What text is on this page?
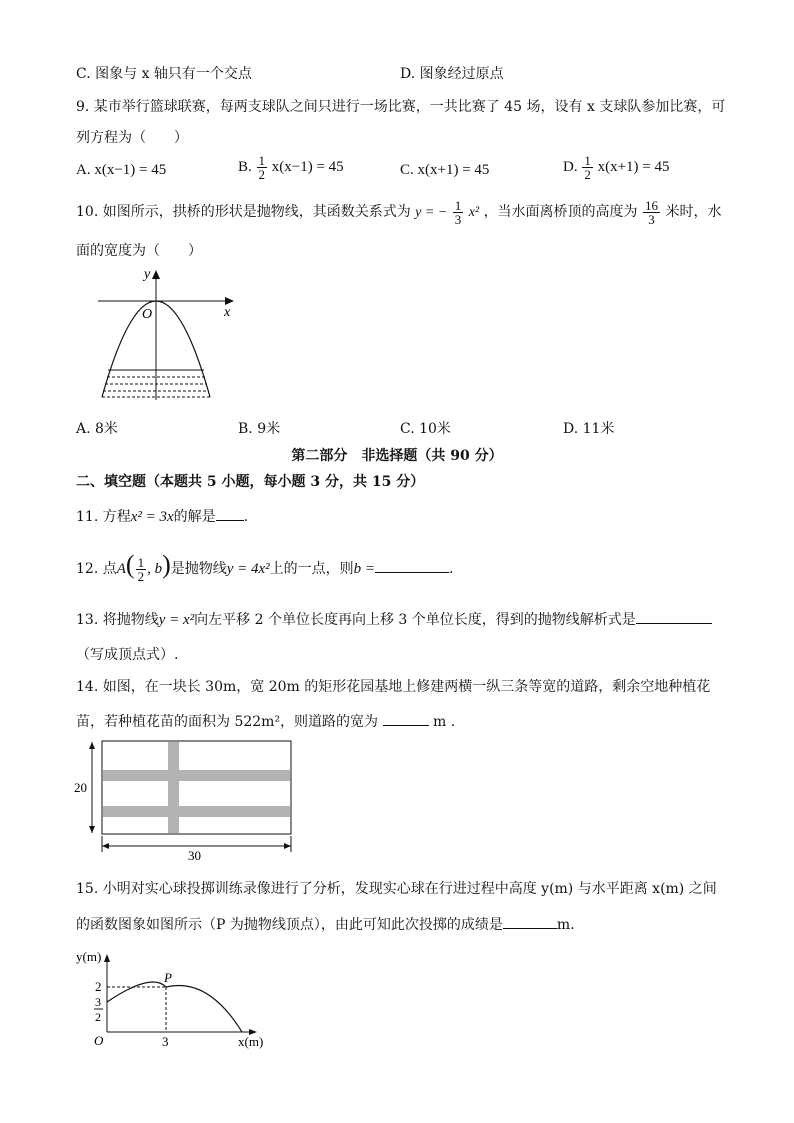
C. 图象与 x 轴只有一个交点	D. 图象经过原点
9. 某市举行篮球联赛，每两支球队之间只进行一场比赛，一共比赛了 45 场，设有 x 支球队参加比赛，可
列方程为（　　）
A. x(x−1) = 45	B. $\frac{1}{2} x(x-1) = 45$	C. x(x+1) = 45	D. $\frac{1}{2} x(x+1) = 45$
10. 如图所示，拱桥的形状是抛物线，其函数关系式为 y = − $\frac{1}{3} x^2$ ，当水面离桥顶的高度为 $\frac{16}{3}$ 米时，水
面的宽度为（　　）
y
x
O
A. 8米	B. 9米	C. 10米	D. 11米
第二部分　非选择题（共 90 分）
二、填空题（本题共 5 小题，每小题 3 分，共 15 分）
11. 方程x² = 3x的解是 .
12. 点$A( \frac{1}{2}$ , b)是抛物线y = 4x²上的一点，则b =	.
13. 将抛物线y = x²向左平移 2 个单位长度再向上移 3 个单位长度，得到的抛物线解析式是
（写成顶点式）.
14. 如图，在一块长 30m，宽 20m 的矩形花园基地上修建两横一纵三条等宽的道路，剩余空地种植花
苗，若种植花苗的面积为 522m²，则道路的宽为	m .
20
30
15. 小明对实心球投掷训练录像进行了分析，发现实心球在行进过程中高度 y(m) 与水平距离 x(m) 之间
的函数图象如图所示（P 为抛物线顶点），由此可知此次投掷的成绩是	m.
y(m)
x(m)
P
O
2
3
2
3
